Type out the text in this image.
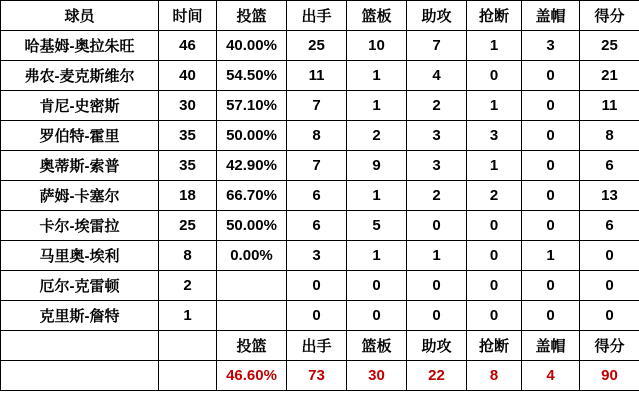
球员	时间	投篮	出手	篮板	助攻	抢断	盖帽	得分
哈基姆-奥拉朱旺	46	40.00%	25	10	7	1	3	25
弗农-麦克斯维尔	40	54.50%	11	1	4	0	0	21
肯尼-史密斯	30	57.10%	7	1	2	1	0	11
罗伯特-霍里	35	50.00%	8	2	3	3	0	8
奥蒂斯-索普	35	42.90%	7	9	3	1	0	6
萨姆-卡塞尔	18	66.70%	6	1	2	2	0	13
卡尔-埃雷拉	25	50.00%	6	5	0	0	0	6
马里奥-埃利	8	0.00%	3	1	1	0	1	0
厄尔-克雷顿	2		0	0	0	0	0	0
克里斯-詹特	1		0	0	0	0	0	0
		投篮	出手	篮板	助攻	抢断	盖帽	得分
		46.60%	73	30	22	8	4	90
